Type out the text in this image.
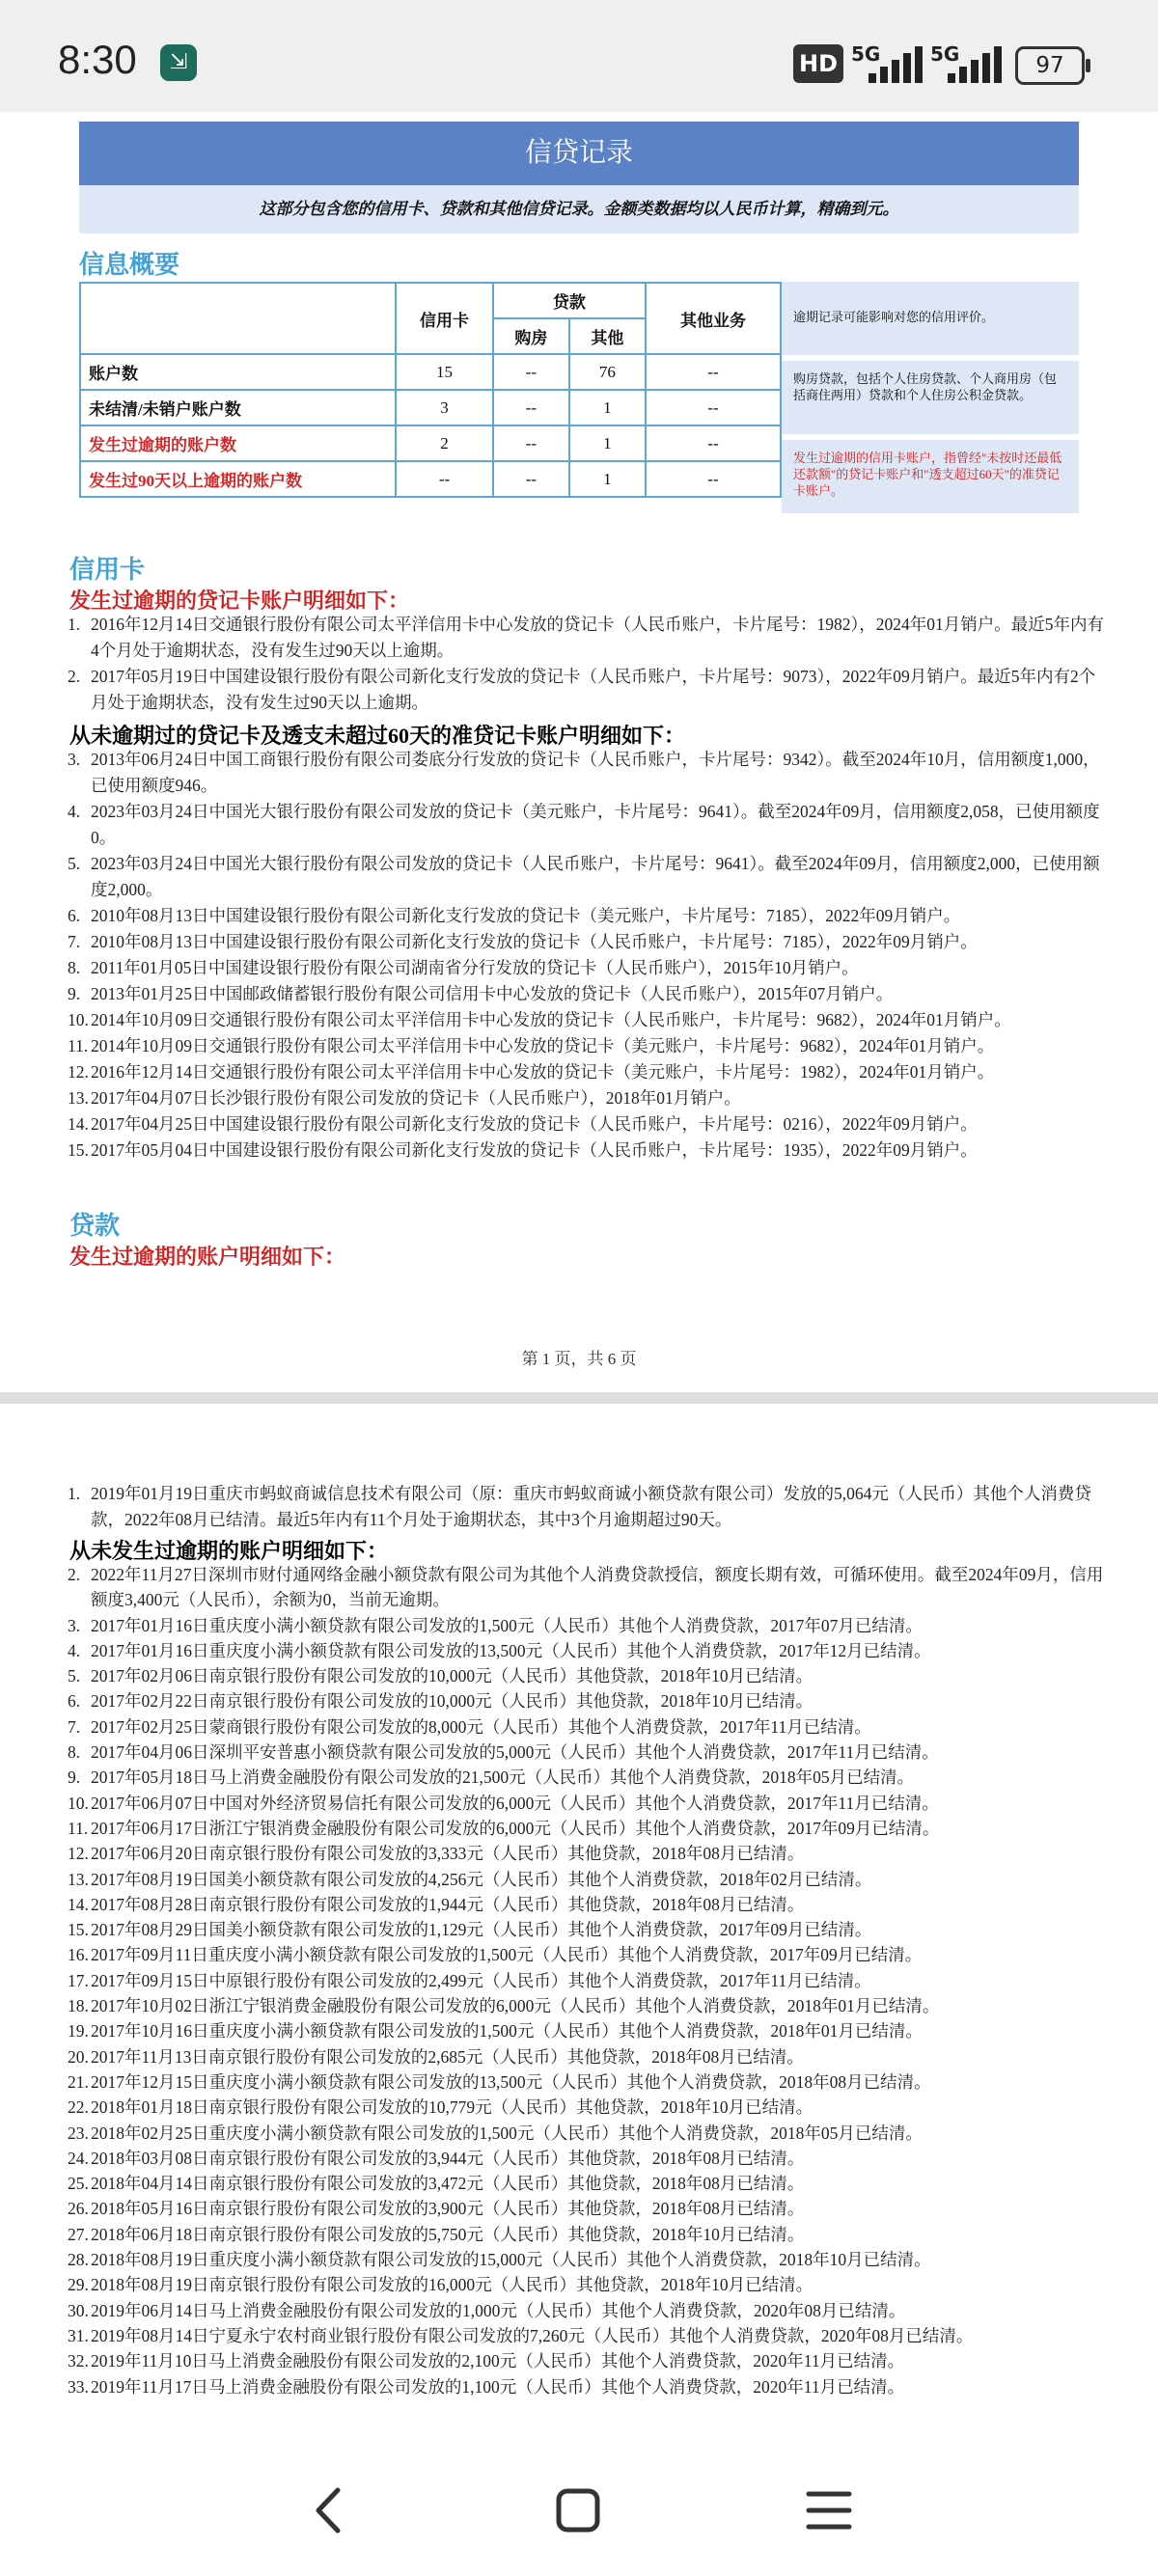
8:30	⇲	HD 5G	5G	97
信贷记录
这部分包含您的信用卡、贷款和其他信贷记录。金额类数据均以人民币计算，精确到元。
信息概要
	信用卡	贷款		其他业务
		购房	其他	
账户数	15	--	76	--
未结清/未销户账户数	3	--	1	--
发生过逾期的账户数	2	--	1	--
发生过90天以上逾期的账户数	--	--	1	--
逾期记录可能影响对您的信用评价。
购房贷款，包括个人住房贷款、个人商用房（包括商住两用）贷款和个人住房公积金贷款。
发生过逾期的信用卡账户，指曾经"未按时还最低还款额"的贷记卡账户和"透支超过60天"的准贷记卡账户。
信用卡
发生过逾期的贷记卡账户明细如下：
1. 2016年12月14日交通银行股份有限公司太平洋信用卡中心发放的贷记卡（人民币账户，卡片尾号：1982），2024年01月销户。最近5年内有4个月处于逾期状态，没有发生过90天以上逾期。
2. 2017年05月19日中国建设银行股份有限公司新化支行发放的贷记卡（人民币账户，卡片尾号：9073），2022年09月销户。最近5年内有2个月处于逾期状态，没有发生过90天以上逾期。
从未逾期过的贷记卡及透支未超过60天的准贷记卡账户明细如下：
3. 2013年06月24日中国工商银行股份有限公司娄底分行发放的贷记卡（人民币账户，卡片尾号：9342）。截至2024年10月，信用额度1,000，已使用额度946。
4. 2023年03月24日中国光大银行股份有限公司发放的贷记卡（美元账户，卡片尾号：9641）。截至2024年09月，信用额度2,058，已使用额度0。
5. 2023年03月24日中国光大银行股份有限公司发放的贷记卡（人民币账户，卡片尾号：9641）。截至2024年09月，信用额度2,000，已使用额度2,000。
6. 2010年08月13日中国建设银行股份有限公司新化支行发放的贷记卡（美元账户，卡片尾号：7185），2022年09月销户。
7. 2010年08月13日中国建设银行股份有限公司新化支行发放的贷记卡（人民币账户，卡片尾号：7185），2022年09月销户。
8. 2011年01月05日中国建设银行股份有限公司湖南省分行发放的贷记卡（人民币账户），2015年10月销户。
9. 2013年01月25日中国邮政储蓄银行股份有限公司信用卡中心发放的贷记卡（人民币账户），2015年07月销户。
10. 2014年10月09日交通银行股份有限公司太平洋信用卡中心发放的贷记卡（人民币账户，卡片尾号：9682），2024年01月销户。
11. 2014年10月09日交通银行股份有限公司太平洋信用卡中心发放的贷记卡（美元账户，卡片尾号：9682），2024年01月销户。
12. 2016年12月14日交通银行股份有限公司太平洋信用卡中心发放的贷记卡（美元账户，卡片尾号：1982），2024年01月销户。
13. 2017年04月07日长沙银行股份有限公司发放的贷记卡（人民币账户），2018年01月销户。
14. 2017年04月25日中国建设银行股份有限公司新化支行发放的贷记卡（人民币账户，卡片尾号：0216），2022年09月销户。
15. 2017年05月04日中国建设银行股份有限公司新化支行发放的贷记卡（人民币账户，卡片尾号：1935），2022年09月销户。
贷款
发生过逾期的账户明细如下：
第 1 页，共 6 页
1. 2019年01月19日重庆市蚂蚁商诚信息技术有限公司（原：重庆市蚂蚁商诚小额贷款有限公司）发放的5,064元（人民币）其他个人消费贷款，2022年08月已结清。最近5年内有11个月处于逾期状态，其中3个月逾期超过90天。
从未发生过逾期的账户明细如下：
2. 2022年11月27日深圳市财付通网络金融小额贷款有限公司为其他个人消费贷款授信，额度长期有效，可循环使用。截至2024年09月，信用额度3,400元（人民币），余额为0，当前无逾期。
3. 2017年01月16日重庆度小满小额贷款有限公司发放的1,500元（人民币）其他个人消费贷款，2017年07月已结清。
4. 2017年01月16日重庆度小满小额贷款有限公司发放的13,500元（人民币）其他个人消费贷款，2017年12月已结清。
5. 2017年02月06日南京银行股份有限公司发放的10,000元（人民币）其他贷款，2018年10月已结清。
6. 2017年02月22日南京银行股份有限公司发放的10,000元（人民币）其他贷款，2018年10月已结清。
7. 2017年02月25日蒙商银行股份有限公司发放的8,000元（人民币）其他个人消费贷款，2017年11月已结清。
8. 2017年04月06日深圳平安普惠小额贷款有限公司发放的5,000元（人民币）其他个人消费贷款，2017年11月已结清。
9. 2017年05月18日马上消费金融股份有限公司发放的21,500元（人民币）其他个人消费贷款，2018年05月已结清。
10. 2017年06月07日中国对外经济贸易信托有限公司发放的6,000元（人民币）其他个人消费贷款，2017年11月已结清。
11. 2017年06月17日浙江宁银消费金融股份有限公司发放的6,000元（人民币）其他个人消费贷款，2017年09月已结清。
12. 2017年06月20日南京银行股份有限公司发放的3,333元（人民币）其他贷款，2018年08月已结清。
13. 2017年08月19日国美小额贷款有限公司发放的4,256元（人民币）其他个人消费贷款，2018年02月已结清。
14. 2017年08月28日南京银行股份有限公司发放的1,944元（人民币）其他贷款，2018年08月已结清。
15. 2017年08月29日国美小额贷款有限公司发放的1,129元（人民币）其他个人消费贷款，2017年09月已结清。
16. 2017年09月11日重庆度小满小额贷款有限公司发放的1,500元（人民币）其他个人消费贷款，2017年09月已结清。
17. 2017年09月15日中原银行股份有限公司发放的2,499元（人民币）其他个人消费贷款，2017年11月已结清。
18. 2017年10月02日浙江宁银消费金融股份有限公司发放的6,000元（人民币）其他个人消费贷款，2018年01月已结清。
19. 2017年10月16日重庆度小满小额贷款有限公司发放的1,500元（人民币）其他个人消费贷款，2018年01月已结清。
20. 2017年11月13日南京银行股份有限公司发放的2,685元（人民币）其他贷款，2018年08月已结清。
21. 2017年12月15日重庆度小满小额贷款有限公司发放的13,500元（人民币）其他个人消费贷款，2018年08月已结清。
22. 2018年01月18日南京银行股份有限公司发放的10,779元（人民币）其他贷款，2018年10月已结清。
23. 2018年02月25日重庆度小满小额贷款有限公司发放的1,500元（人民币）其他个人消费贷款，2018年05月已结清。
24. 2018年03月08日南京银行股份有限公司发放的3,944元（人民币）其他贷款，2018年08月已结清。
25. 2018年04月14日南京银行股份有限公司发放的3,472元（人民币）其他贷款，2018年08月已结清。
26. 2018年05月16日南京银行股份有限公司发放的3,900元（人民币）其他贷款，2018年08月已结清。
27. 2018年06月18日南京银行股份有限公司发放的5,750元（人民币）其他贷款，2018年10月已结清。
28. 2018年08月19日重庆度小满小额贷款有限公司发放的15,000元（人民币）其他个人消费贷款，2018年10月已结清。
29. 2018年08月19日南京银行股份有限公司发放的16,000元（人民币）其他贷款，2018年10月已结清。
30. 2019年06月14日马上消费金融股份有限公司发放的1,000元（人民币）其他个人消费贷款，2020年08月已结清。
31. 2019年08月14日宁夏永宁农村商业银行股份有限公司发放的7,260元（人民币）其他个人消费贷款，2020年08月已结清。
32. 2019年11月10日马上消费金融股份有限公司发放的2,100元（人民币）其他个人消费贷款，2020年11月已结清。
33. 2019年11月17日马上消费金融股份有限公司发放的1,100元（人民币）其他个人消费贷款，2020年11月已结清。
